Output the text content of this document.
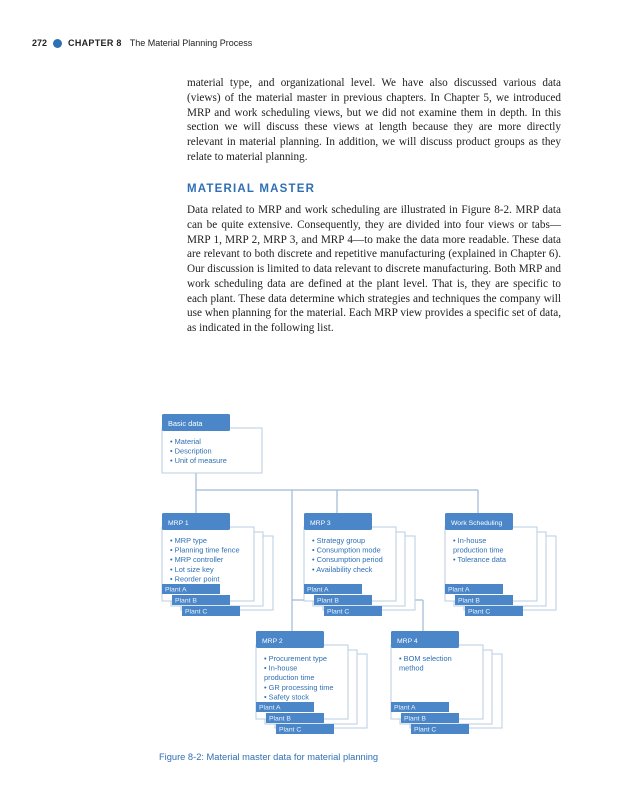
272 CHAPTER 8 The Material Planning Process
material type, and organizational level. We have also discussed various data (views) of the material master in previous chapters. In Chapter 5, we introduced MRP and work scheduling views, but we did not examine them in depth. In this section we will discuss these views at length because they are more directly relevant in material planning. In addition, we will discuss product groups as they relate to material planning.
MATERIAL MASTER
Data related to MRP and work scheduling are illustrated in Figure 8-2. MRP data can be quite extensive. Consequently, they are divided into four views or tabs—MRP 1, MRP 2, MRP 3, and MRP 4—to make the data more readable. These data are relevant to both discrete and repetitive manufacturing (explained in Chapter 6). Our discussion is limited to data relevant to discrete manufacturing. Both MRP and work scheduling data are defined at the plant level. That is, they are specific to each plant. These data determine which strategies and techniques the company will use when planning for the material. Each MRP view provides a specific set of data, as indicated in the following list.
Basic data
• Material
• Description
• Unit of measure
MRP 1
• MRP type
• Planning time fence
• MRP controller
• Lot size key
• Reorder point
Plant A
Plant B
Plant C
MRP 3
• Strategy group
• Consumption mode
• Consumption period
• Availability check
Plant A
Plant B
Plant C
Work Scheduling
• In-house
production time
• Tolerance data
Plant A
Plant B
Plant C
MRP 2
• Procurement type
• In-house
production time
• GR processing time
• Safety stock
Plant A
Plant B
Plant C
MRP 4
• BOM selection
method
Plant A
Plant B
Plant C
Figure 8-2: Material master data for material planning
